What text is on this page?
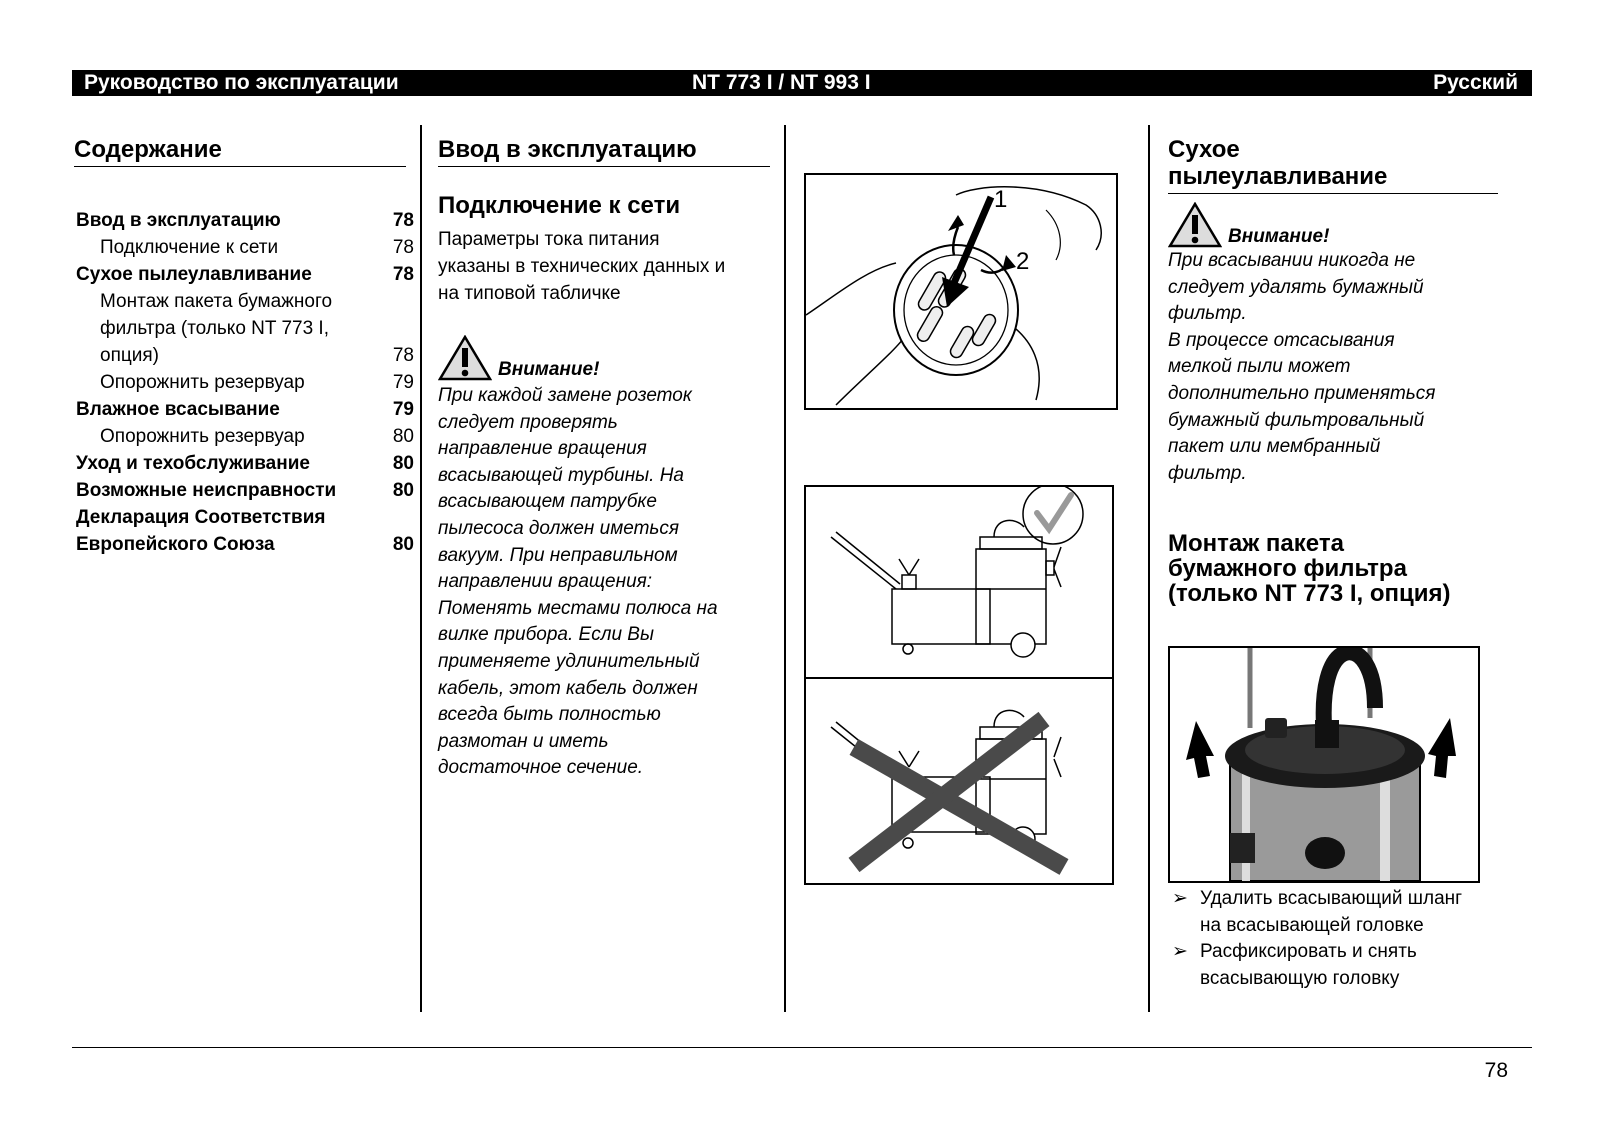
Руководство по эксплуатации	NT 773 I / NT 993 I	Русский
Содержание
Ввод в эксплуатацию	78
Подключение к сети	78
Сухое пылеулавливание	78
Монтаж пакета бумажного
фильтра (только NT 773 I,
опция)	78
Опорожнить резервуар	79
Влажное всасывание	79
Опорожнить резервуар	80
Уход и техобслуживание	80
Возможные неисправности	80
Декларация Соответствия
Европейского Союза	80
Ввод в эксплуатацию
Подключение к сети

Параметры тока питания

указаны в технических данных и

на типовой табличке

Внимание!

При каждой замене розеток

следует проверять

направление вращения

всасывающей турбины. На

всасывающем патрубке

пылесоса должен иметься

вакуум. При неправильном

направлении вращения:

Поменять местами полюса на

вилке прибора. Если Вы

применяете удлинительный

кабель, этот кабель должен

всегда быть полностью

размотан и иметь

достаточное сечение.

1
2
Сухое
пылеулавливание
Внимание!

При всасывании никогда не

следует удалять бумажный

фильтр.

В процессе отсасывания

мелкой пыли может

дополнительно применяться

бумажный фильтровальный

пакет или мембранный

фильтр.

Монтаж пакета
бумажного фильтра
(только NT 773 I, опция)
➢ Удалить всасывающий шланг
на всасывающей головке
➢ Расфиксировать и снять
всасывающую головку
78
